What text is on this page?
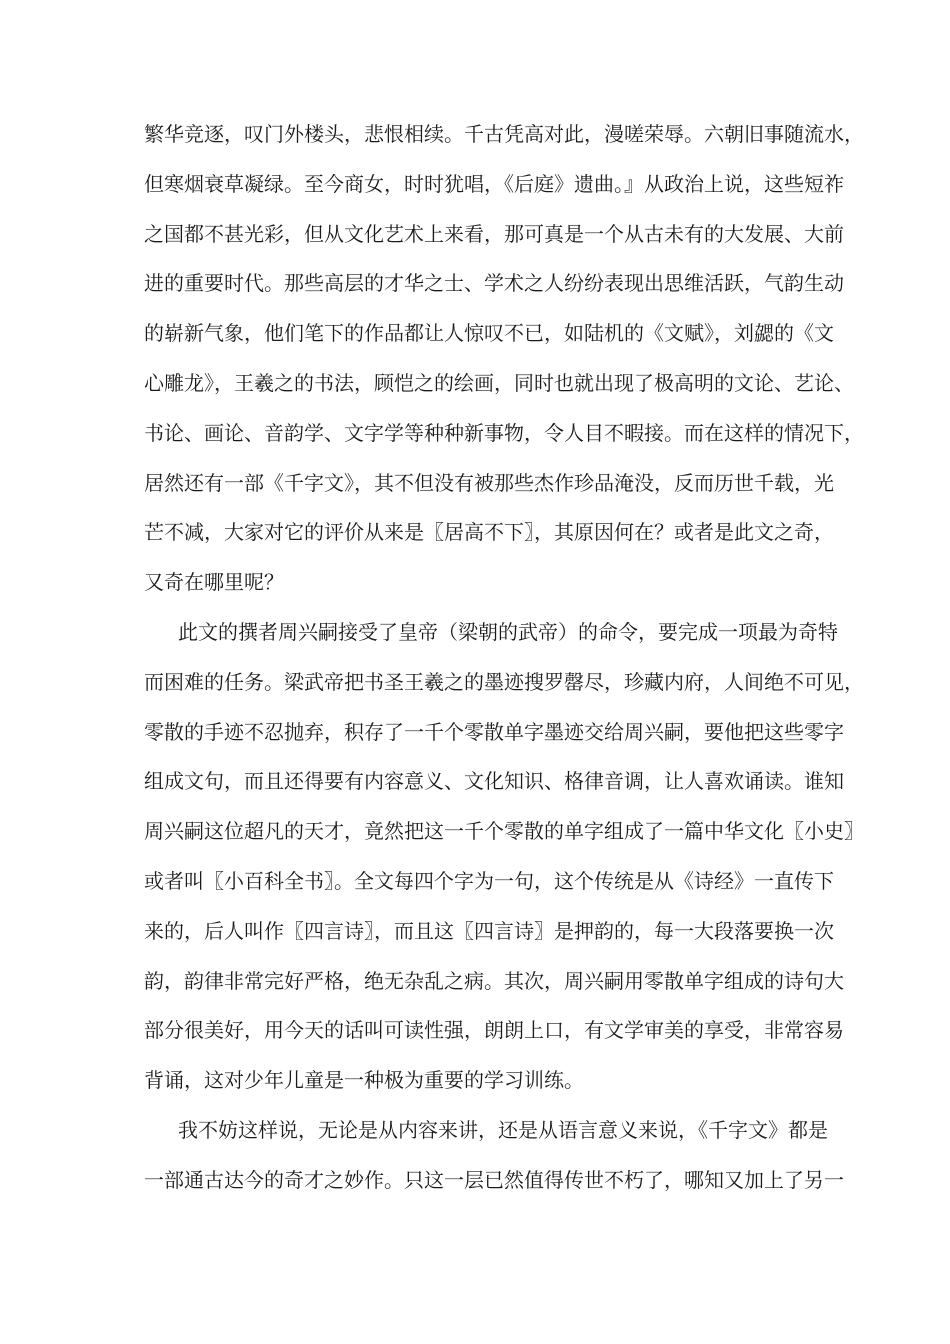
繁华竞逐，叹门外楼头，悲恨相续。千古凭高对此，漫嗟荣辱。六朝旧事随流水，
但寒烟衰草凝绿。至今商女，时时犹唱，《后庭》遗曲。』从政治上说，这些短祚
之国都不甚光彩，但从文化艺术上来看，那可真是一个从古未有的大发展、大前
进的重要时代。那些高层的才华之士、学术之人纷纷表现出思维活跃，气韵生动
的崭新气象，他们笔下的作品都让人惊叹不已，如陆机的《文赋》，刘勰的《文
心雕龙》，王羲之的书法，顾恺之的绘画，同时也就出现了极高明的文论、艺论、
书论、画论、音韵学、文字学等种种新事物，令人目不暇接。而在这样的情况下，
居然还有一部《千字文》，其不但没有被那些杰作珍品淹没，反而历世千载，光
芒不减，大家对它的评价从来是〖居高不下〗，其原因何在？或者是此文之奇，
又奇在哪里呢？
此文的撰者周兴嗣接受了皇帝（梁朝的武帝）的命令，要完成一项最为奇特
而困难的任务。梁武帝把书圣王羲之的墨迹搜罗罄尽，珍藏内府，人间绝不可见，
零散的手迹不忍抛弃，积存了一千个零散单字墨迹交给周兴嗣，要他把这些零字
组成文句，而且还得要有内容意义、文化知识、格律音调，让人喜欢诵读。谁知
周兴嗣这位超凡的天才，竟然把这一千个零散的单字组成了一篇中华文化〖小史〗
或者叫〖小百科全书〗。全文每四个字为一句，这个传统是从《诗经》一直传下
来的，后人叫作〖四言诗〗，而且这〖四言诗〗是押韵的，每一大段落要换一次
韵，韵律非常完好严格，绝无杂乱之病。其次，周兴嗣用零散单字组成的诗句大
部分很美好，用今天的话叫可读性强，朗朗上口，有文学审美的享受，非常容易
背诵，这对少年儿童是一种极为重要的学习训练。
我不妨这样说，无论是从内容来讲，还是从语言意义来说，《千字文》都是
一部通古达今的奇才之妙作。只这一层已然值得传世不朽了，哪知又加上了另一
